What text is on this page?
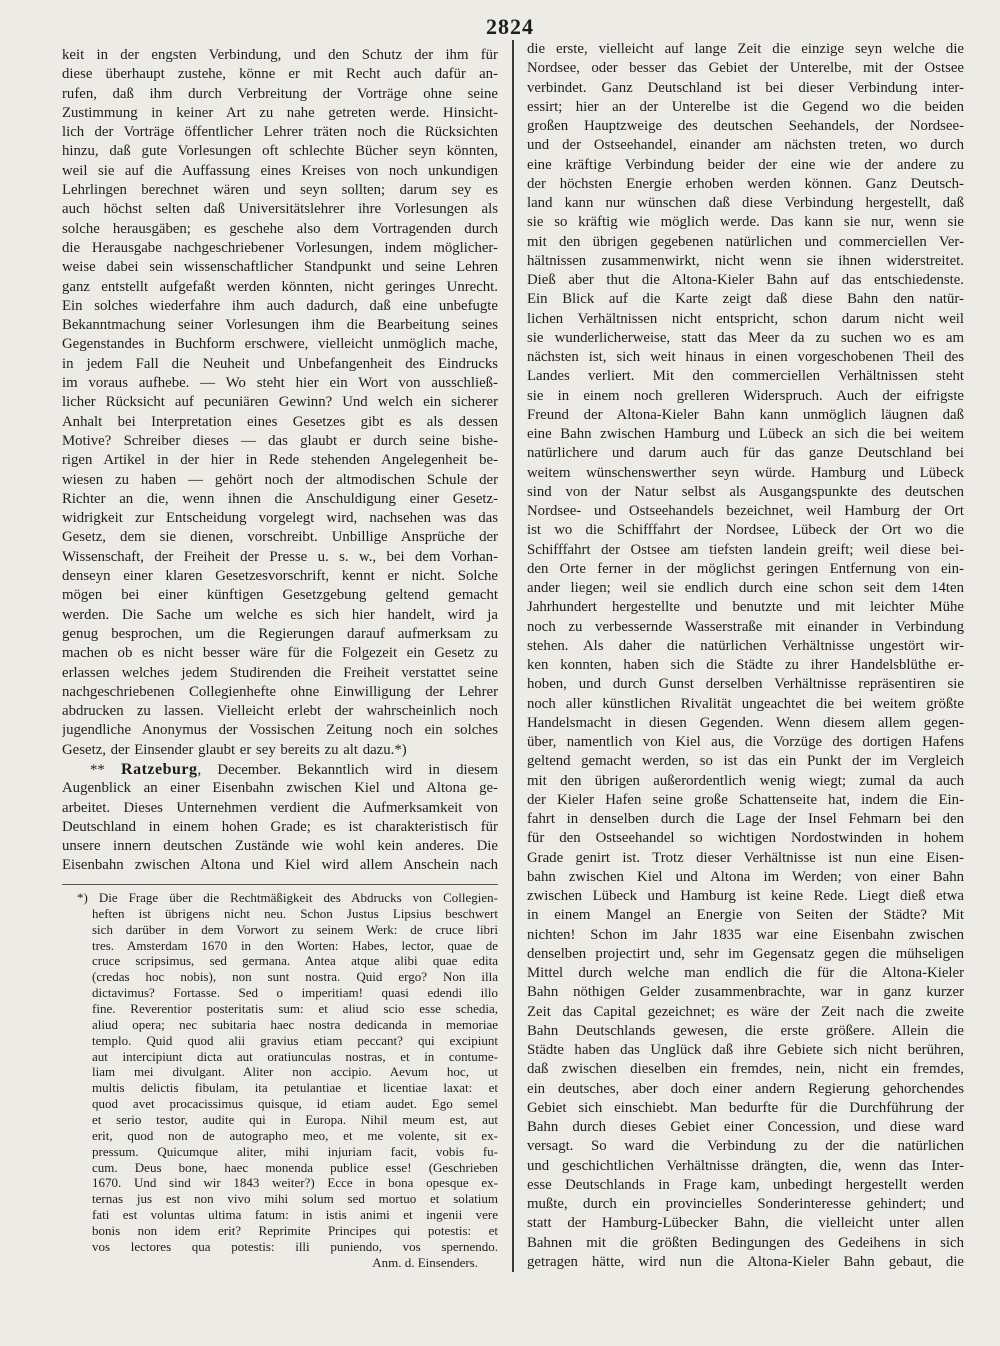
2824
keit in der engsten Verbindung, und den Schutz der ihm für
diese überhaupt zustehe, könne er mit Recht auch dafür an-
rufen, daß ihm durch Verbreitung der Vorträge ohne seine
Zustimmung in keiner Art zu nahe getreten werde. Hinsicht-
lich der Vorträge öffentlicher Lehrer träten noch die Rücksichten
hinzu, daß gute Vorlesungen oft schlechte Bücher seyn könnten,
weil sie auf die Auffassung eines Kreises von noch unkundigen
Lehrlingen berechnet wären und seyn sollten; darum sey es
auch höchst selten daß Universitätslehrer ihre Vorlesungen als
solche herausgäben; es geschehe also dem Vortragenden durch
die Herausgabe nachgeschriebener Vorlesungen, indem möglicher-
weise dabei sein wissenschaftlicher Standpunkt und seine Lehren
ganz entstellt aufgefaßt werden könnten, nicht geringes Unrecht.
Ein solches wiederfahre ihm auch dadurch, daß eine unbefugte
Bekanntmachung seiner Vorlesungen ihm die Bearbeitung seines
Gegenstandes in Buchform erschwere, vielleicht unmöglich mache,
in jedem Fall die Neuheit und Unbefangenheit des Eindrucks
im voraus aufhebe. — Wo steht hier ein Wort von ausschließ-
licher Rücksicht auf pecuniären Gewinn? Und welch ein sicherer
Anhalt bei Interpretation eines Gesetzes gibt es als dessen
Motive? Schreiber dieses — das glaubt er durch seine bishe-
rigen Artikel in der hier in Rede stehenden Angelegenheit be-
wiesen zu haben — gehört noch der altmodischen Schule der
Richter an die, wenn ihnen die Anschuldigung einer Gesetz-
widrigkeit zur Entscheidung vorgelegt wird, nachsehen was das
Gesetz, dem sie dienen, vorschreibt. Unbillige Ansprüche der
Wissenschaft, der Freiheit der Presse u. s. w., bei dem Vorhan-
denseyn einer klaren Gesetzesvorschrift, kennt er nicht. Solche
mögen bei einer künftigen Gesetzgebung geltend gemacht
werden. Die Sache um welche es sich hier handelt, wird ja
genug besprochen, um die Regierungen darauf aufmerksam zu
machen ob es nicht besser wäre für die Folgezeit ein Gesetz zu
erlassen welches jedem Studirenden die Freiheit verstattet seine
nachgeschriebenen Collegienhefte ohne Einwilligung der Lehrer
abdrucken zu lassen. Vielleicht erlebt der wahrscheinlich noch
jugendliche Anonymus der Vossischen Zeitung noch ein solches
Gesetz, der Einsender glaubt er sey bereits zu alt dazu.*)
** Ratzeburg, December. Bekanntlich wird in diesem
Augenblick an einer Eisenbahn zwischen Kiel und Altona ge-
arbeitet. Dieses Unternehmen verdient die Aufmerksamkeit von
Deutschland in einem hohen Grade; es ist charakteristisch für
unsere innern deutschen Zustände wie wohl kein anderes. Die
Eisenbahn zwischen Altona und Kiel wird allem Anschein nach
*) Die Frage über die Rechtmäßigkeit des Abdrucks von Collegien-
heften ist übrigens nicht neu. Schon Justus Lipsius beschwert
sich darüber in dem Vorwort zu seinem Werk: de cruce libri
tres. Amsterdam 1670 in den Worten: Habes, lector, quae de
cruce scripsimus, sed germana. Antea atque alibi quae edita
(credas hoc nobis), non sunt nostra. Quid ergo? Non illa
dictavimus? Fortasse. Sed o imperitiam! quasi edendi illo
fine. Reverentior posteritatis sum: et aliud scio esse schedia,
aliud opera; nec subitaria haec nostra dedicanda in memoriae
templo. Quid quod alii gravius etiam peccant? qui excipiunt
aut intercipiunt dicta aut oratiunculas nostras, et in contume-
liam mei divulgant. Aliter non accipio. Aevum hoc, ut
multis delictis fibulam, ita petulantiae et licentiae laxat: et
quod avet procacissimus quisque, id etiam audet. Ego semel
et serio testor, audite qui in Europa. Nihil meum est, aut
erit, quod non de autographo meo, et me volente, sit ex-
pressum. Quicumque aliter, mihi injuriam facit, vobis fu-
cum. Deus bone, haec monenda publice esse! (Geschrieben
1670. Und sind wir 1843 weiter?) Ecce in bona opesque ex-
ternas jus est non vivo mihi solum sed mortuo et solatium
fati est voluntas ultima fatum: in istis animi et ingenii vere
bonis non idem erit? Reprimite Principes qui potestis: et
vos lectores qua potestis: illi puniendo, vos spernendo.
Anm. d. Einsenders.
die erste, vielleicht auf lange Zeit die einzige seyn welche die
Nordsee, oder besser das Gebiet der Unterelbe, mit der Ostsee
verbindet. Ganz Deutschland ist bei dieser Verbindung inter-
essirt; hier an der Unterelbe ist die Gegend wo die beiden
großen Hauptzweige des deutschen Seehandels, der Nordsee-
und der Ostseehandel, einander am nächsten treten, wo durch
eine kräftige Verbindung beider der eine wie der andere zu
der höchsten Energie erhoben werden können. Ganz Deutsch-
land kann nur wünschen daß diese Verbindung hergestellt, daß
sie so kräftig wie möglich werde. Das kann sie nur, wenn sie
mit den übrigen gegebenen natürlichen und commerciellen Ver-
hältnissen zusammenwirkt, nicht wenn sie ihnen widerstreitet.
Dieß aber thut die Altona-Kieler Bahn auf das entschiedenste.
Ein Blick auf die Karte zeigt daß diese Bahn den natür-
lichen Verhältnissen nicht entspricht, schon darum nicht weil
sie wunderlicherweise, statt das Meer da zu suchen wo es am
nächsten ist, sich weit hinaus in einen vorgeschobenen Theil des
Landes verliert. Mit den commerciellen Verhältnissen steht
sie in einem noch grelleren Widerspruch. Auch der eifrigste
Freund der Altona-Kieler Bahn kann unmöglich läugnen daß
eine Bahn zwischen Hamburg und Lübeck an sich die bei weitem
natürlichere und darum auch für das ganze Deutschland bei
weitem wünschenswerther seyn würde. Hamburg und Lübeck
sind von der Natur selbst als Ausgangspunkte des deutschen
Nordsee- und Ostseehandels bezeichnet, weil Hamburg der Ort
ist wo die Schifffahrt der Nordsee, Lübeck der Ort wo die
Schifffahrt der Ostsee am tiefsten landein greift; weil diese bei-
den Orte ferner in der möglichst geringen Entfernung von ein-
ander liegen; weil sie endlich durch eine schon seit dem 14ten
Jahrhundert hergestellte und benutzte und mit leichter Mühe
noch zu verbessernde Wasserstraße mit einander in Verbindung
stehen. Als daher die natürlichen Verhältnisse ungestört wir-
ken konnten, haben sich die Städte zu ihrer Handelsblüthe er-
hoben, und durch Gunst derselben Verhältnisse repräsentiren sie
noch aller künstlichen Rivalität ungeachtet die bei weitem größte
Handelsmacht in diesen Gegenden. Wenn diesem allem gegen-
über, namentlich von Kiel aus, die Vorzüge des dortigen Hafens
geltend gemacht werden, so ist das ein Punkt der im Vergleich
mit den übrigen außerordentlich wenig wiegt; zumal da auch
der Kieler Hafen seine große Schattenseite hat, indem die Ein-
fahrt in denselben durch die Lage der Insel Fehmarn bei den
für den Ostseehandel so wichtigen Nordostwinden in hohem
Grade genirt ist. Trotz dieser Verhältnisse ist nun eine Eisen-
bahn zwischen Kiel und Altona im Werden; von einer Bahn
zwischen Lübeck und Hamburg ist keine Rede. Liegt dieß etwa
in einem Mangel an Energie von Seiten der Städte? Mit
nichten! Schon im Jahr 1835 war eine Eisenbahn zwischen
denselben projectirt und, sehr im Gegensatz gegen die mühseligen
Mittel durch welche man endlich die für die Altona-Kieler
Bahn nöthigen Gelder zusammenbrachte, war in ganz kurzer
Zeit das Capital gezeichnet; es wäre der Zeit nach die zweite
Bahn Deutschlands gewesen, die erste größere. Allein die
Städte haben das Unglück daß ihre Gebiete sich nicht berühren,
daß zwischen dieselben ein fremdes, nein, nicht ein fremdes,
ein deutsches, aber doch einer andern Regierung gehorchendes
Gebiet sich einschiebt. Man bedurfte für die Durchführung der
Bahn durch dieses Gebiet einer Concession, und diese ward
versagt. So ward die Verbindung zu der die natürlichen
und geschichtlichen Verhältnisse drängten, die, wenn das Inter-
esse Deutschlands in Frage kam, unbedingt hergestellt werden
mußte, durch ein provincielles Sonderinteresse gehindert; und
statt der Hamburg-Lübecker Bahn, die vielleicht unter allen
Bahnen mit die größten Bedingungen des Gedeihens in sich
getragen hätte, wird nun die Altona-Kieler Bahn gebaut, die
